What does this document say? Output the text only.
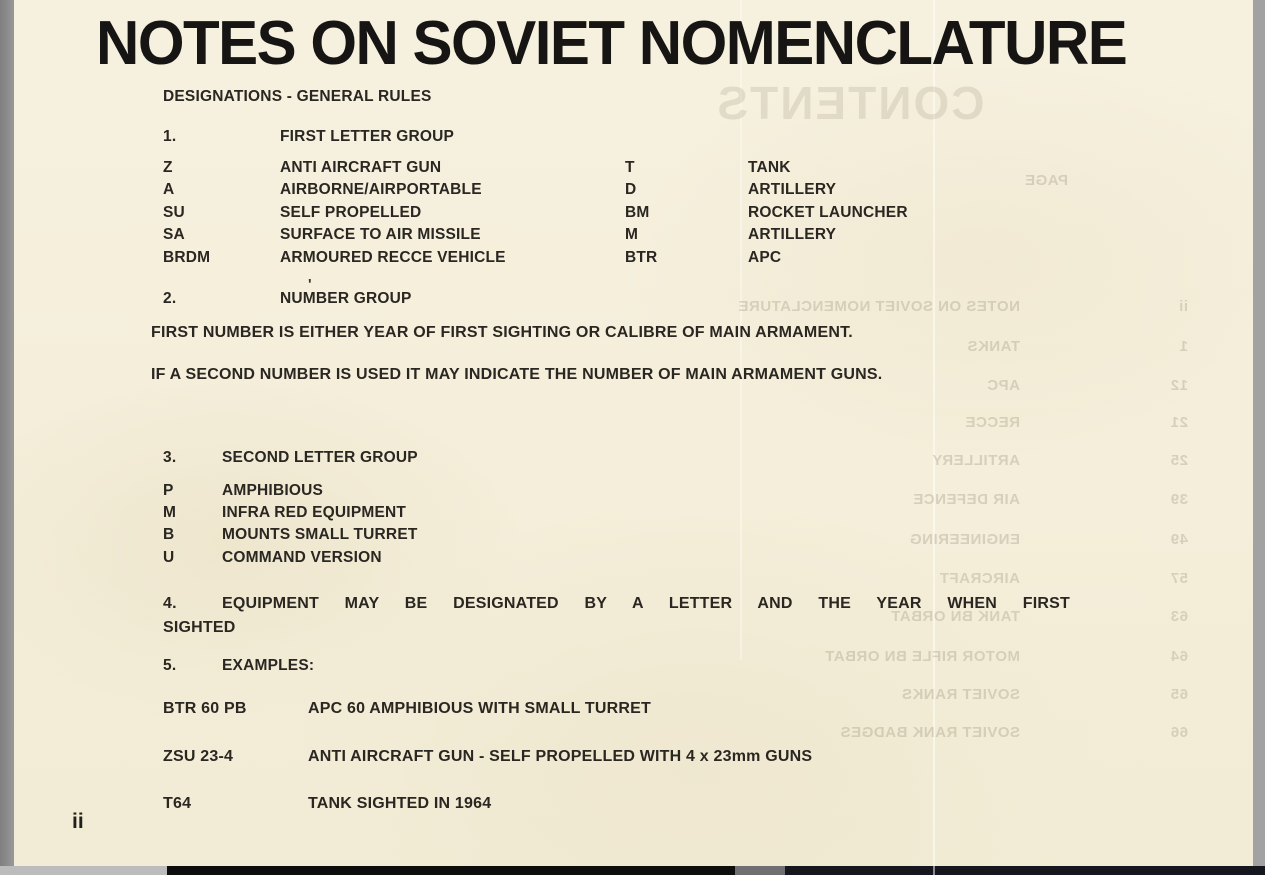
CONTENTS
PAGE
NOTES ON SOVIET NOMENCLATURE	ii
TANKS	1
APC	12
RECCE	21
ARTILLERY	25
AIR DEFENCE	39
ENGINEERING	49
AIRCRAFT	57
TANK BN ORBAT	63
MOTOR RIFLE BN ORBAT	64
SOVIET RANKS	65
SOVIET RANK BADGES	66
NOTES ON SOVIET NOMENCLATURE
DESIGNATIONS - GENERAL RULES
1.	FIRST LETTER GROUP
Z	ANTI AIRCRAFT GUN	T	TANK
A	AIRBORNE/AIRPORTABLE	D	ARTILLERY
SU	SELF PROPELLED	BM	ROCKET LAUNCHER
SA	SURFACE TO AIR MISSILE	M	ARTILLERY
BRDM	ARMOURED RECCE VEHICLE	BTR	APC
'
2.	NUMBER GROUP
FIRST NUMBER IS EITHER YEAR OF FIRST SIGHTING OR CALIBRE OF MAIN ARMAMENT.
IF A SECOND NUMBER IS USED IT MAY INDICATE THE NUMBER OF MAIN ARMAMENT GUNS.
3.	SECOND LETTER GROUP
P	AMPHIBIOUS
M	INFRA RED EQUIPMENT
B	MOUNTS SMALL TURRET
U	COMMAND VERSION
4.	EQUIPMENT MAY BE DESIGNATED BY A LETTER AND THE YEAR WHEN FIRST
SIGHTED
5.	EXAMPLES:
BTR 60 PB	APC 60 AMPHIBIOUS WITH SMALL TURRET
ZSU 23-4	ANTI AIRCRAFT GUN - SELF PROPELLED WITH 4 x 23mm GUNS
T64	TANK SIGHTED IN 1964
ii
